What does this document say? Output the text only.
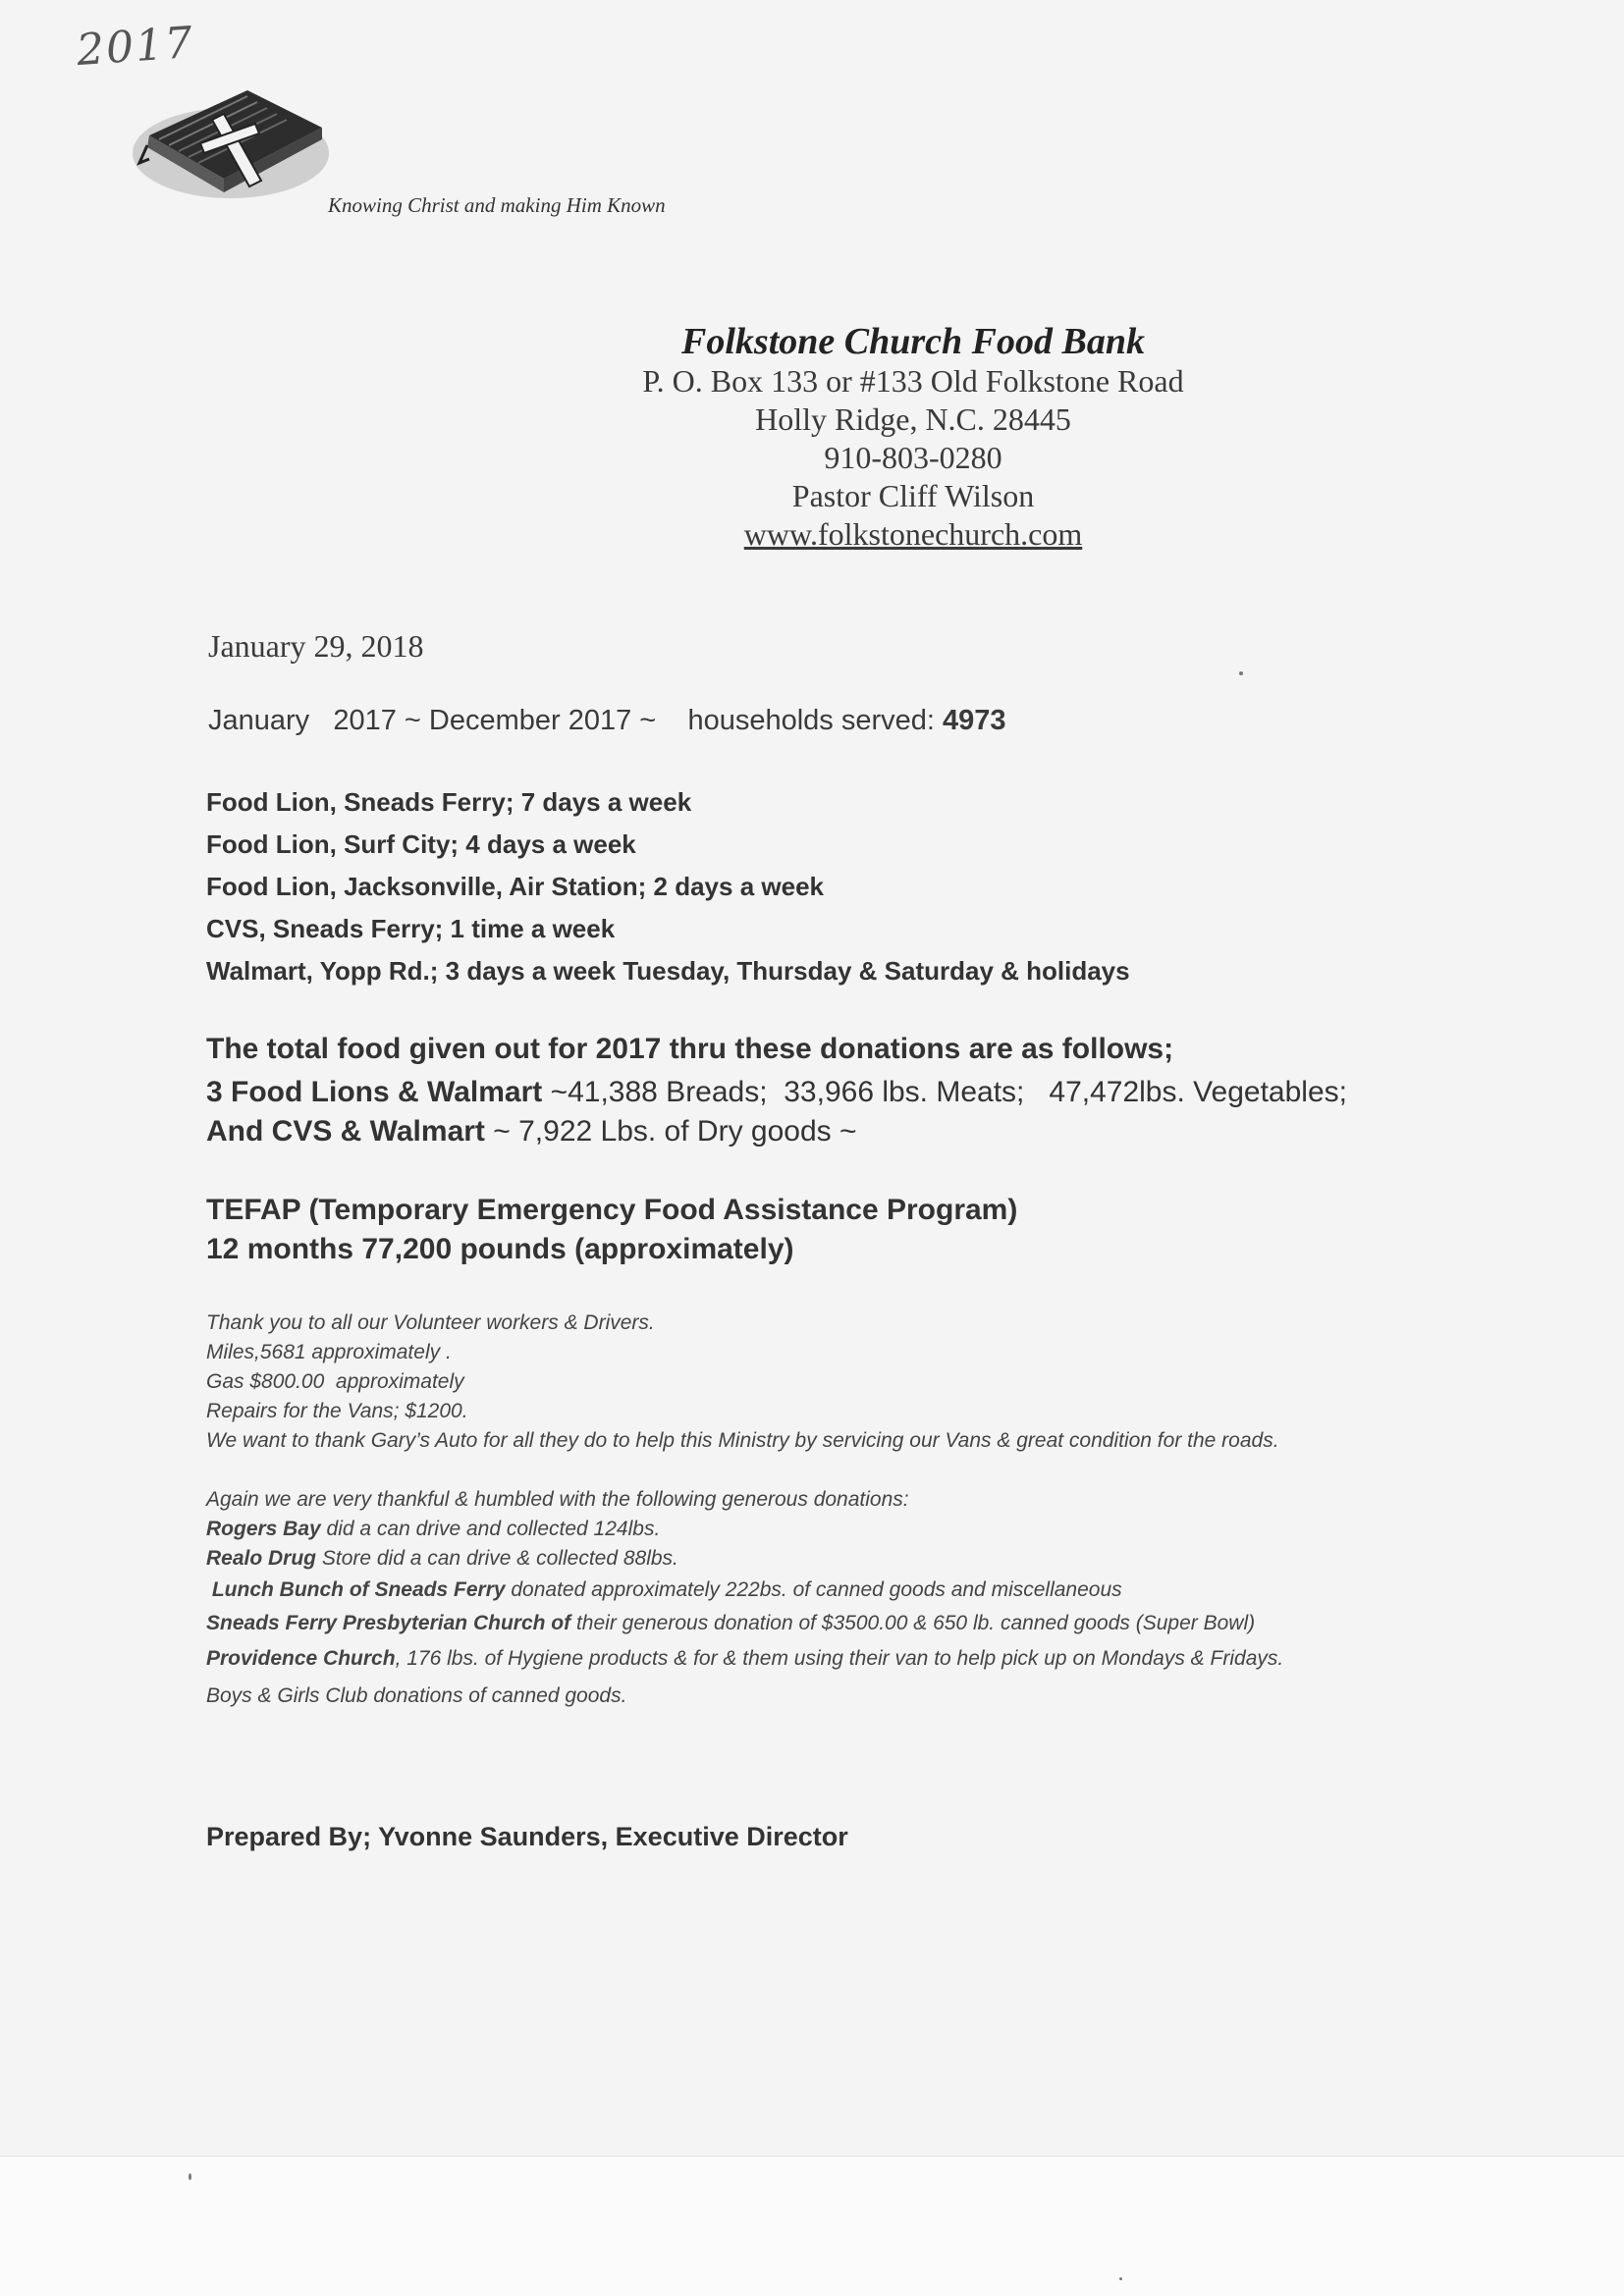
2017
Knowing Christ and making Him Known
Folkstone Church Food Bank
P. O. Box 133 or #133 Old Folkstone Road
Holly Ridge, N.C. 28445
910-803-0280
Pastor Cliff Wilson
www.folkstonechurch.com
January 29, 2018
January   2017 ~ December 2017 ~    households served: 4973
Food Lion, Sneads Ferry; 7 days a week
Food Lion, Surf City; 4 days a week
Food Lion, Jacksonville, Air Station; 2 days a week
CVS, Sneads Ferry; 1 time a week
Walmart, Yopp Rd.; 3 days a week Tuesday, Thursday & Saturday & holidays
The total food given out for 2017 thru these donations are as follows;
3 Food Lions & Walmart ~41,388 Breads;  33,966 lbs. Meats;   47,472lbs. Vegetables;
And CVS & Walmart ~ 7,922 Lbs. of Dry goods ~
TEFAP (Temporary Emergency Food Assistance Program)
12 months 77,200 pounds (approximately)
Thank you to all our Volunteer workers & Drivers.
Miles,5681 approximately .
Gas $800.00  approximately
Repairs for the Vans; $1200.
We want to thank Gary’s Auto for all they do to help this Ministry by servicing our Vans & great condition for the roads.
Again we are very thankful & humbled with the following generous donations:
Rogers Bay did a can drive and collected 124lbs.
Realo Drug Store did a can drive & collected 88lbs.
Lunch Bunch of Sneads Ferry donated approximately 222bs. of canned goods and miscellaneous
Sneads Ferry Presbyterian Church of their generous donation of $3500.00 & 650 lb. canned goods (Super Bowl)
Providence Church, 176 lbs. of Hygiene products & for & them using their van to help pick up on Mondays & Fridays.
Boys & Girls Club donations of canned goods.
Prepared By; Yvonne Saunders, Executive Director
